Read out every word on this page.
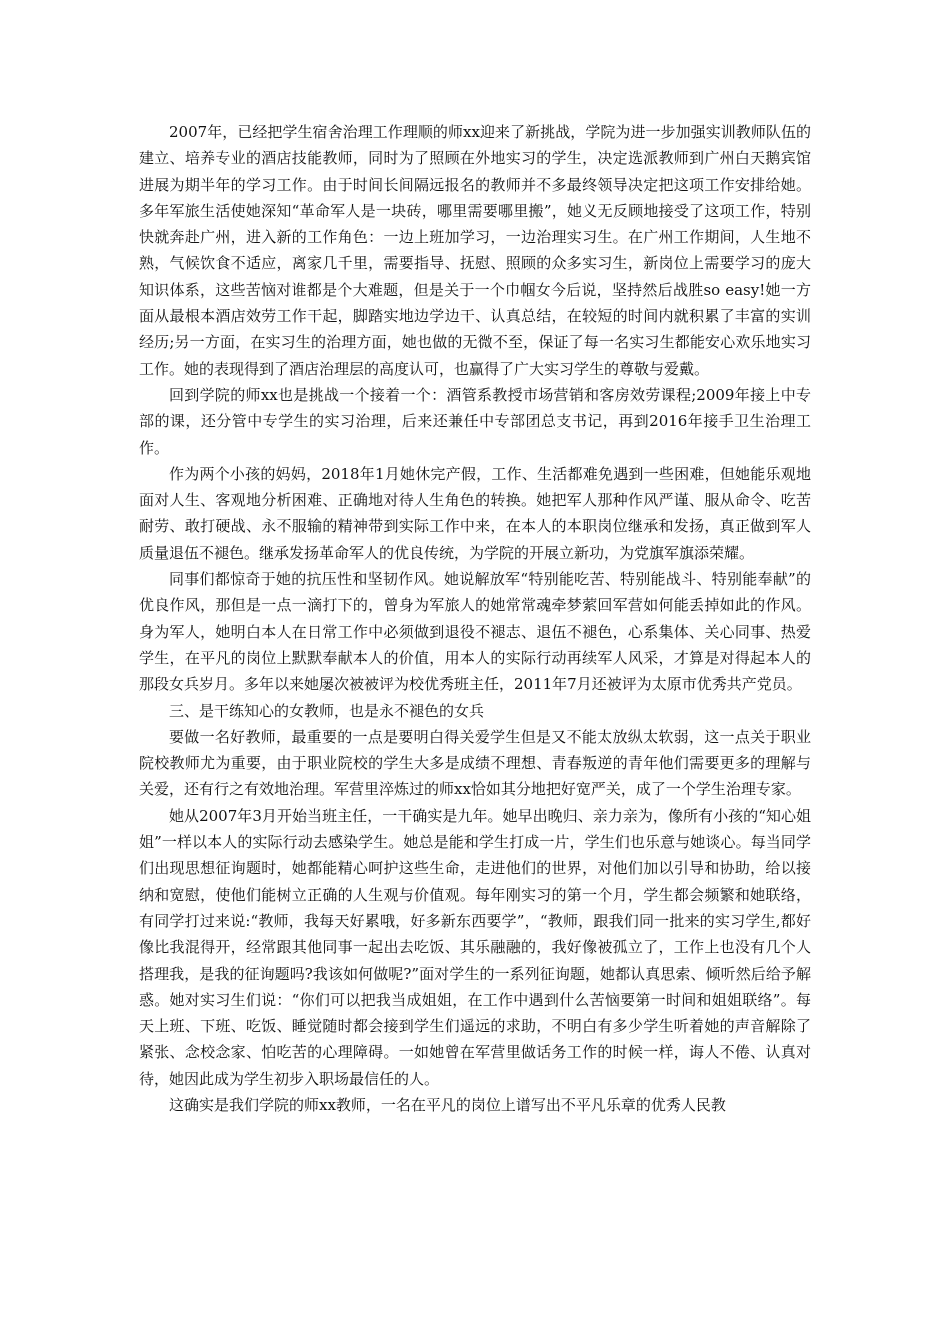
2007年，已经把学生宿舍治理工作理顺的师xx迎来了新挑战，学院为进一步加强实训教师队伍的建立、培养专业的酒店技能教师，同时为了照顾在外地实习的学生，决定选派教师到广州白天鹅宾馆进展为期半年的学习工作。由于时间长间隔远报名的教师并不多最终领导决定把这项工作安排给她。多年军旅生活使她深知“革命军人是一块砖，哪里需要哪里搬”，她义无反顾地接受了这项工作，特别快就奔赴广州，进入新的工作角色：一边上班加学习，一边治理实习生。在广州工作期间，人生地不熟，气候饮食不适应，离家几千里，需要指导、抚慰、照顾的众多实习生，新岗位上需要学习的庞大知识体系，这些苦恼对谁都是个大难题，但是关于一个巾帼女今后说，坚持然后战胜so easy!她一方面从最根本酒店效劳工作干起，脚踏实地边学边干、认真总结，在较短的时间内就积累了丰富的实训经历;另一方面，在实习生的治理方面，她也做的无微不至，保证了每一名实习生都能安心欢乐地实习工作。她的表现得到了酒店治理层的高度认可，也赢得了广大实习学生的尊敬与爱戴。

回到学院的师xx也是挑战一个接着一个：酒管系教授市场营销和客房效劳课程;2009年接上中专部的课，还分管中专学生的实习治理，后来还兼任中专部团总支书记，再到2016年接手卫生治理工作。

作为两个小孩的妈妈，2018年1月她休完产假，工作、生活都难免遇到一些困难，但她能乐观地面对人生、客观地分析困难、正确地对待人生角色的转换。她把军人那种作风严谨、服从命令、吃苦耐劳、敢打硬战、永不服输的精神带到实际工作中来，在本人的本职岗位继承和发扬，真正做到军人质量退伍不褪色。继承发扬革命军人的优良传统，为学院的开展立新功，为党旗军旗添荣耀。

同事们都惊奇于她的抗压性和坚韧作风。她说解放军“特别能吃苦、特别能战斗、特别能奉献”的优良作风，那但是一点一滴打下的，曾身为军旅人的她常常魂牵梦萦回军营如何能丢掉如此的作风。身为军人，她明白本人在日常工作中必须做到退役不褪志、退伍不褪色，心系集体、关心同事、热爱学生，在平凡的岗位上默默奉献本人的价值，用本人的实际行动再续军人风采，才算是对得起本人的那段女兵岁月。多年以来她屡次被被评为校优秀班主任，2011年7月还被评为太原市优秀共产党员。

三、是干练知心的女教师，也是永不褪色的女兵

要做一名好教师，最重要的一点是要明白得关爱学生但是又不能太放纵太软弱，这一点关于职业院校教师尤为重要，由于职业院校的学生大多是成绩不理想、青春叛逆的青年他们需要更多的理解与关爱，还有行之有效地治理。军营里淬炼过的师xx恰如其分地把好宽严关，成了一个学生治理专家。

她从2007年3月开始当班主任，一干确实是九年。她早出晚归、亲力亲为，像所有小孩的“知心姐姐”一样以本人的实际行动去感染学生。她总是能和学生打成一片，学生们也乐意与她谈心。每当同学们出现思想征询题时，她都能精心呵护这些生命，走进他们的世界，对他们加以引导和协助，给以接纳和宽慰，使他们能树立正确的人生观与价值观。每年刚实习的第一个月，学生都会频繁和她联络，有同学打过来说:“教师，我每天好累哦，好多新东西要学”，“教师，跟我们同一批来的实习学生,都好像比我混得开，经常跟其他同事一起出去吃饭、其乐融融的，我好像被孤立了，工作上也没有几个人搭理我，是我的征询题吗?我该如何做呢?”面对学生的一系列征询题，她都认真思索、倾听然后给予解惑。她对实习生们说：“你们可以把我当成姐姐，在工作中遇到什么苦恼要第一时间和姐姐联络”。每天上班、下班、吃饭、睡觉随时都会接到学生们遥远的求助，不明白有多少学生听着她的声音解除了紧张、念校念家、怕吃苦的心理障碍。一如她曾在军营里做话务工作的时候一样，诲人不倦、认真对待，她因此成为学生初步入职场最信任的人。

这确实是我们学院的师xx教师，一名在平凡的岗位上谱写出不平凡乐章的优秀人民教
